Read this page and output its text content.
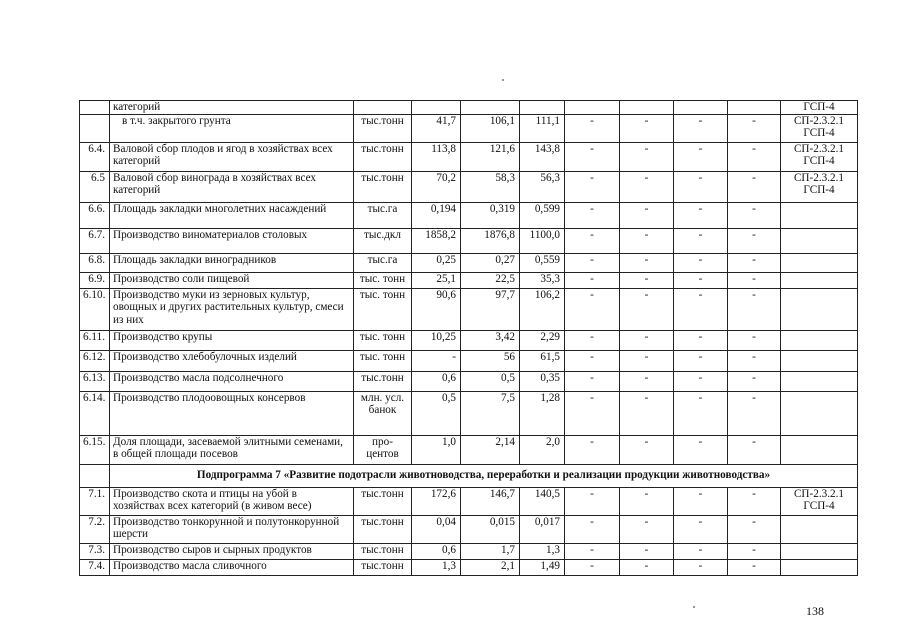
	категорий									ГСП-4
	в т.ч. закрытого грунта	тыс.тонн	41,7	106,1	111,1	-	-	-	-	СП-2.3.2.1 ГСП-4
6.4.	Валовой сбор плодов и ягод в хозяйствах всех категорий	тыс.тонн	113,8	121,6	143,8	-	-	-	-	СП-2.3.2.1 ГСП-4
6.5	Валовой сбор винограда в хозяйствах всех категорий	тыс.тонн	70,2	58,3	56,3	-	-	-	-	СП-2.3.2.1 ГСП-4
6.6.	Площадь закладки многолетних насаждений	тыс.га	0,194	0,319	0,599	-	-	-	-	
6.7.	Производство виноматериалов столовых	тыс.дкл	1858,2	1876,8	1100,0	-	-	-	-	
6.8.	Площадь закладки виноградников	тыс.га	0,25	0,27	0,559	-	-	-	-	
6.9.	Производство соли пищевой	тыс. тонн	25,1	22,5	35,3	-	-	-	-	
6.10.	Производство муки из зерновых культур, овощных и других растительных культур, смеси из них	тыс. тонн	90,6	97,7	106,2	-	-	-	-	
6.11.	Производство крупы	тыс. тонн	10,25	3,42	2,29	-	-	-	-	
6.12.	Производство хлебобулочных изделий	тыс. тонн	-	56	61,5	-	-	-	-	
6.13.	Производство масла подсолнечного	тыс.тонн	0,6	0,5	0,35	-	-	-	-	
6.14.	Производство плодоовощных консервов	млн. усл. банок	0,5	7,5	1,28	-	-	-	-	
6.15.	Доля площади, засеваемой элитными семенами, в общей площади посевов	про-центов	1,0	2,14	2,0	-	-	-	-	
	Подпрограмма 7 «Развитие подотрасли животноводства, переработки и реализации продукции животноводства»									
7.1.	Производство скота и птицы на убой в хозяйствах всех категорий (в живом весе)	тыс.тонн	172,6	146,7	140,5	-	-	-	-	СП-2.3.2.1 ГСП-4
7.2.	Производство тонкорунной и полутонкорунной шерсти	тыс.тонн	0,04	0,015	0,017	-	-	-	-	
7.3.	Производство сыров и сырных продуктов	тыс.тонн	0,6	1,7	1,3	-	-	-	-	
7.4.	Производство масла сливочного	тыс.тонн	1,3	2,1	1,49	-	-	-	-	
138
